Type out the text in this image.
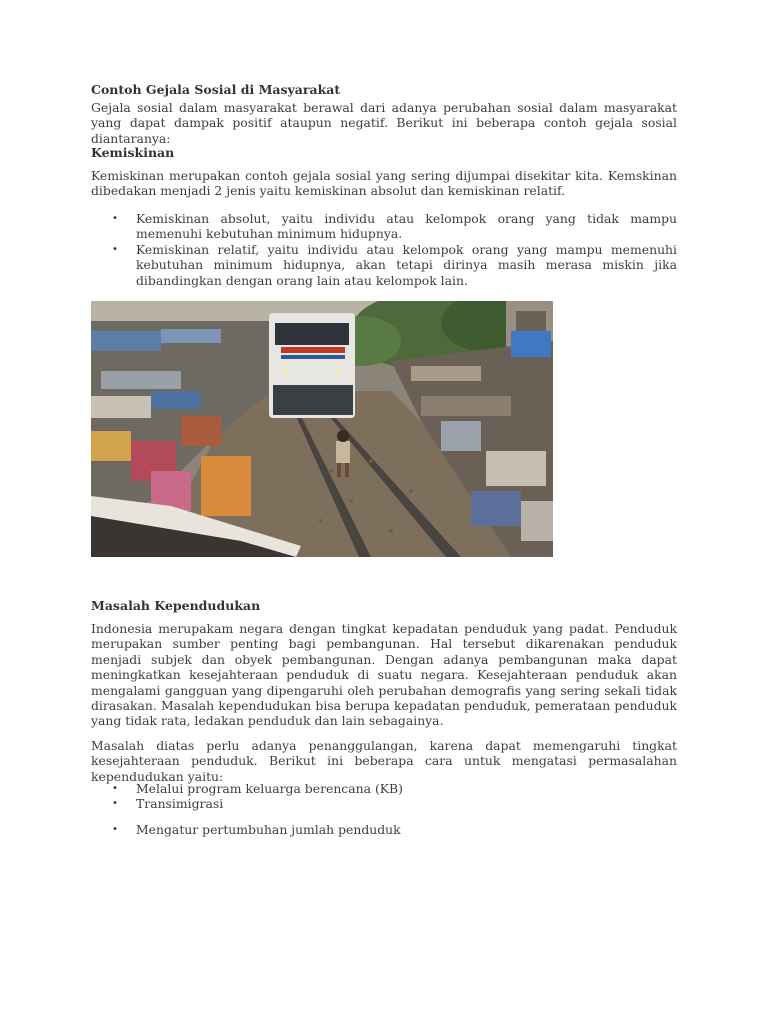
Contoh Gejala Sosial di Masyarakat

Gejala sosial dalam masyarakat berawal dari adanya perubahan sosial dalam masyarakat yang dapat dampak positif ataupun negatif. Berikut ini beberapa contoh gejala sosial diantaranya:

Kemiskinan

Kemiskinan merupakan contoh gejala sosial yang sering dijumpai disekitar kita. Kemskinan dibedakan menjadi 2 jenis yaitu kemiskinan absolut dan kemiskinan relatif.

• Kemiskinan absolut, yaitu individu atau kelompok orang yang tidak mampu memenuhi kebutuhan minimum hidupnya.
• Kemiskinan relatif, yaitu individu atau kelompok orang yang mampu memenuhi kebutuhan minimum hidupnya, akan tetapi dirinya masih merasa miskin jika dibandingkan dengan orang lain atau kelompok lain.
Masalah Kependudukan

Indonesia merupakam negara dengan tingkat kepadatan penduduk yang padat. Penduduk merupakan sumber penting bagi pembangunan. Hal tersebut dikarenakan penduduk menjadi subjek dan obyek pembangunan. Dengan adanya pembangunan maka dapat meningkatkan kesejahteraan penduduk di suatu negara. Kesejahteraan penduduk akan mengalami gangguan yang dipengaruhi oleh perubahan demografis yang sering sekali tidak dirasakan. Masalah kependudukan bisa berupa kepadatan penduduk, pemerataan penduduk yang tidak rata, ledakan penduduk dan lain sebagainya.

Masalah diatas perlu adanya penanggulangan, karena dapat memengaruhi tingkat kesejahteraan penduduk. Berikut ini beberapa cara untuk mengatasi permasalahan kependudukan yaitu:

• Melalui program keluarga berencana (KB)
• Transimigrasi
• Mengatur pertumbuhan jumlah penduduk
